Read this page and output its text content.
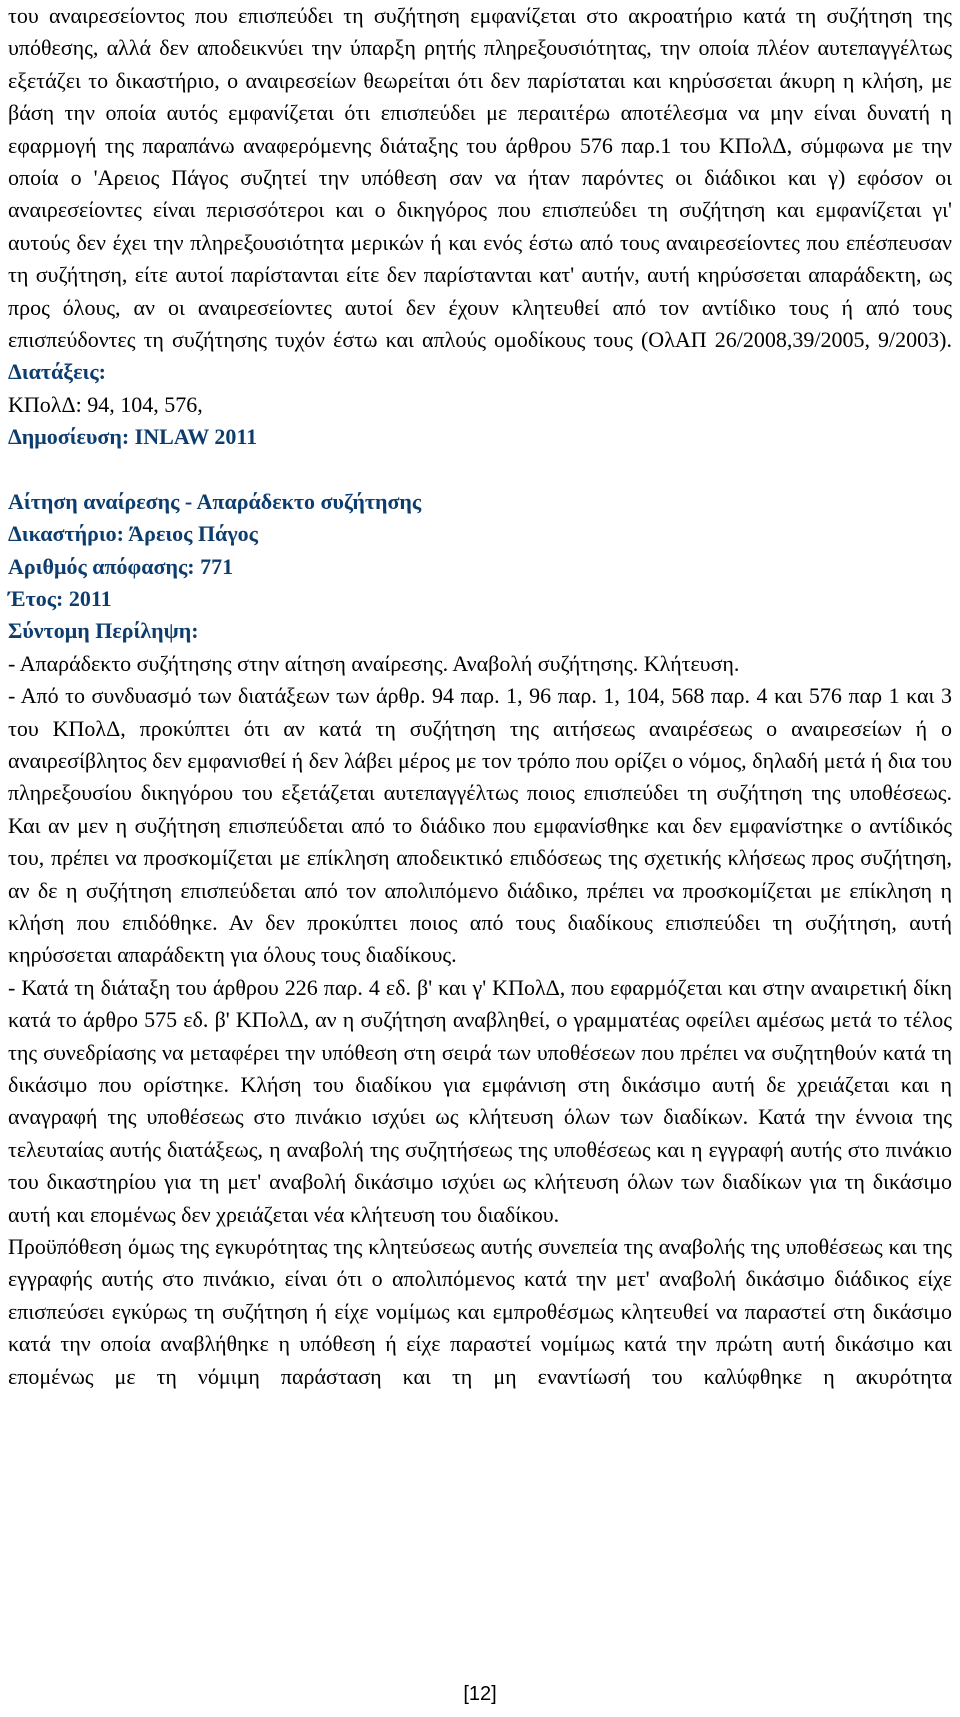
του αναιρεσείοντος που επισπεύδει τη συζήτηση εμφανίζεται στο ακροατήριο κατά τη συζήτηση της υπόθεσης, αλλά δεν αποδεικνύει την ύπαρξη ρητής πληρεξουσιότητας, την οποία πλέον αυτεπαγγέλτως εξετάζει το δικαστήριο, ο αναιρεσείων θεωρείται ότι δεν παρίσταται και κηρύσσεται άκυρη η κλήση, με βάση την οποία αυτός εμφανίζεται ότι επισπεύδει με περαιτέρω αποτέλεσμα να μην είναι δυνατή η εφαρμογή της παραπάνω αναφερόμενης διάταξης του άρθρου 576 παρ.1 του ΚΠολΔ, σύμφωνα με την οποία ο 'Αρειος Πάγος συζητεί την υπόθεση σαν να ήταν παρόντες οι διάδικοι και γ) εφόσον οι αναιρεσείοντες είναι περισσότεροι και ο δικηγόρος που επισπεύδει τη συζήτηση και εμφανίζεται γι' αυτούς δεν έχει την πληρεξουσιότητα μερικών ή και ενός έστω από τους αναιρεσείοντες που επέσπευσαν τη συζήτηση, είτε αυτοί παρίστανται είτε δεν παρίστανται κατ' αυτήν, αυτή κηρύσσεται απαράδεκτη, ως προς όλους, αν οι αναιρεσείοντες αυτοί δεν έχουν κλητευθεί από τον αντίδικο τους ή από τους επισπεύδοντες τη συζήτησης τυχόν έστω και απλούς ομοδίκους τους (ΟλΑΠ 26/2008,39/2005, 9/2003).

Διατάξεις:

ΚΠολΔ: 94, 104, 576,

Δημοσίευση: INLAW 2011

Αίτηση αναίρεσης - Απαράδεκτο συζήτησης

Δικαστήριο: Άρειος Πάγος

Αριθμός απόφασης: 771

Έτος: 2011

Σύντομη Περίληψη:

- Απαράδεκτο συζήτησης στην αίτηση αναίρεσης. Αναβολή συζήτησης. Κλήτευση.

- Από το συνδυασμό των διατάξεων των άρθρ. 94 παρ. 1, 96 παρ. 1, 104, 568 παρ. 4 και 576 παρ 1 και 3 του ΚΠολΔ, προκύπτει ότι αν κατά τη συζήτηση της αιτήσεως αναιρέσεως ο αναιρεσείων ή ο αναιρεσίβλητος δεν εμφανισθεί ή δεν λάβει μέρος με τον τρόπο που ορίζει ο νόμος, δηλαδή μετά ή δια του πληρεξουσίου δικηγόρου του εξετάζεται αυτεπαγγέλτως ποιος επισπεύδει τη συζήτηση της υποθέσεως. Και αν μεν η συζήτηση επισπεύδεται από το διάδικο που εμφανίσθηκε και δεν εμφανίστηκε ο αντίδικός του, πρέπει να προσκομίζεται με επίκληση αποδεικτικό επιδόσεως της σχετικής κλήσεως προς συζήτηση, αν δε η συζήτηση επισπεύδεται από τον απολιπόμενο διάδικο, πρέπει να προσκομίζεται με επίκληση η κλήση που επιδόθηκε. Αν δεν προκύπτει ποιος από τους διαδίκους επισπεύδει τη συζήτηση, αυτή κηρύσσεται απαράδεκτη για όλους τους διαδίκους.

- Κατά τη διάταξη του άρθρου 226 παρ. 4 εδ. β' και γ' ΚΠολΔ, που εφαρμόζεται και στην αναιρετική δίκη κατά το άρθρο 575 εδ. β' ΚΠολΔ, αν η συζήτηση αναβληθεί, ο γραμματέας οφείλει αμέσως μετά το τέλος της συνεδρίασης να μεταφέρει την υπόθεση στη σειρά των υποθέσεων που πρέπει να συζητηθούν κατά τη δικάσιμο που ορίστηκε. Κλήση του διαδίκου για εμφάνιση στη δικάσιμο αυτή δε χρειάζεται και η αναγραφή της υποθέσεως στο πινάκιο ισχύει ως κλήτευση όλων των διαδίκων. Κατά την έννοια της τελευταίας αυτής διατάξεως, η αναβολή της συζητήσεως της υποθέσεως και η εγγραφή αυτής στο πινάκιο του δικαστηρίου για τη μετ' αναβολή δικάσιμο ισχύει ως κλήτευση όλων των διαδίκων για τη δικάσιμο αυτή και επομένως δεν χρειάζεται νέα κλήτευση του διαδίκου.

Προϋπόθεση όμως της εγκυρότητας της κλητεύσεως αυτής συνεπεία της αναβολής της υποθέσεως και της εγγραφής αυτής στο πινάκιο, είναι ότι ο απολιπόμενος κατά την μετ' αναβολή δικάσιμο διάδικος είχε επισπεύσει εγκύρως τη συζήτηση ή είχε νομίμως και εμπροθέσμως κλητευθεί να παραστεί στη δικάσιμο κατά την οποία αναβλήθηκε η υπόθεση ή είχε παραστεί νομίμως κατά την πρώτη αυτή δικάσιμο και επομένως με τη νόμιμη παράσταση και τη μη εναντίωσή του καλύφθηκε η ακυρότητα

[12]
